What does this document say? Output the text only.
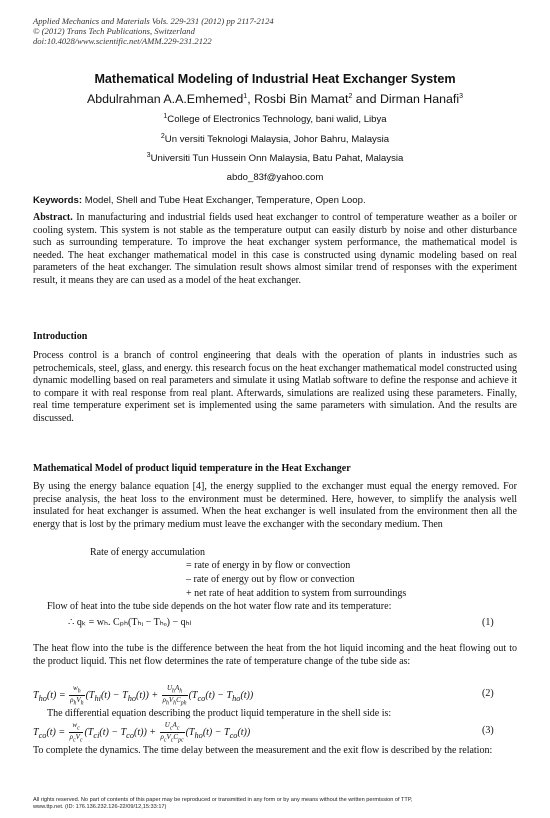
Applied Mechanics and Materials Vols. 229-231 (2012) pp 2117-2124
© (2012) Trans Tech Publications, Switzerland
doi:10.4028/www.scientific.net/AMM.229-231.2122
Mathematical Modeling of Industrial Heat Exchanger System
Abdulrahman A.A.Emhemed$^1$, Rosbi Bin Mamat$^2$ and Dirman Hanafi$^3$
$^1$College of Electronics Technology, bani walid, Libya
$^2$Un versiti Teknologi Malaysia, Johor Bahru, Malaysia
$^3$Universiti Tun Hussein Onn Malaysia, Batu Pahat, Malaysia
abdo_83f@yahoo.com
Keywords: Model, Shell and Tube Heat Exchanger, Temperature, Open Loop.

Abstract. In manufacturing and industrial fields used heat exchanger to control of temperature weather as a boiler or cooling system. This system is not stable as the temperature output can easily disturb by noise and other disturbance such as surrounding temperature. To improve the heat exchanger system performance, the mathematical model is needed. The heat exchanger mathematical model in this case is constructed using dynamic modeling based on real parameters of the heat exchanger. The simulation result shows almost similar trend of responses with the experiment result, it means they are can used as a model of the heat exchanger.

Introduction

Process control is a branch of control engineering that deals with the operation of plants in industries such as petrochemicals, steel, glass, and energy. this research focus on the heat exchanger mathematical model constructed using dynamic modelling based on real parameters and simulate it using Matlab software to define the response and achieve it to compare it with real response from real plant. Afterwards, simulations are realized using these parameters. Finally, real time temperature experiment set is implemented using the same parameters with simulation. And the results are discussed.

Mathematical Model of product liquid temperature in the Heat Exchanger

By using the energy balance equation [4], the energy supplied to the exchanger must equal the energy removed. For precise analysis, the heat loss to the environment must be determined. Here, however, to simplify the analysis well insulated for heat exchanger is assumed. When the heat exchanger is well insulated from the environment then all the energy that is lost by the primary medium must leave the exchanger with the secondary medium. Then

Rate of energy accumulation
= rate of energy in by flow or convection
– rate of energy out by flow or convection
+ net rate of heat addition to system from surroundings
Flow of heat into the tube side depends on the hot water flow rate and its temperature:
∴ qₖ = wₕ. Cₚₕ(Tₕᵢ − Tₕₒ) − qₕₗ	(1)

The heat flow into the tube is the difference between the heat from the hot liquid incoming and the heat flowing out to the product liquid. This net flow determines the rate of temperature change of the tube side as:

$T_{ho}(t) = \frac{w_h}{\rho_hV_h} (T_{hi}(t) - T_{ho}(t)) + \frac{U_hA_h}{\rho_hV_hC_{ph}} (T_{co}(t) - T_{ho}(t))$	(2)
The differential equation describing the product liquid temperature in the shell side is:
$T_{co}(t) = \frac{w_c}{\rho_cV_c} (T_{ci}(t) - T_{co}(t)) + \frac{U_cA_c}{\rho_cV_cC_{pc}} (T_{ho}(t) - T_{co}(t))$	(3)

To complete the dynamics. The time delay between the measurement and the exit flow is described by the relation:

All rights reserved. No part of contents of this paper may be reproduced or transmitted in any form or by any means without the written permission of TTP,
www.ttp.net. (ID: 176.136.232.126-22/09/12,15:33:17)
